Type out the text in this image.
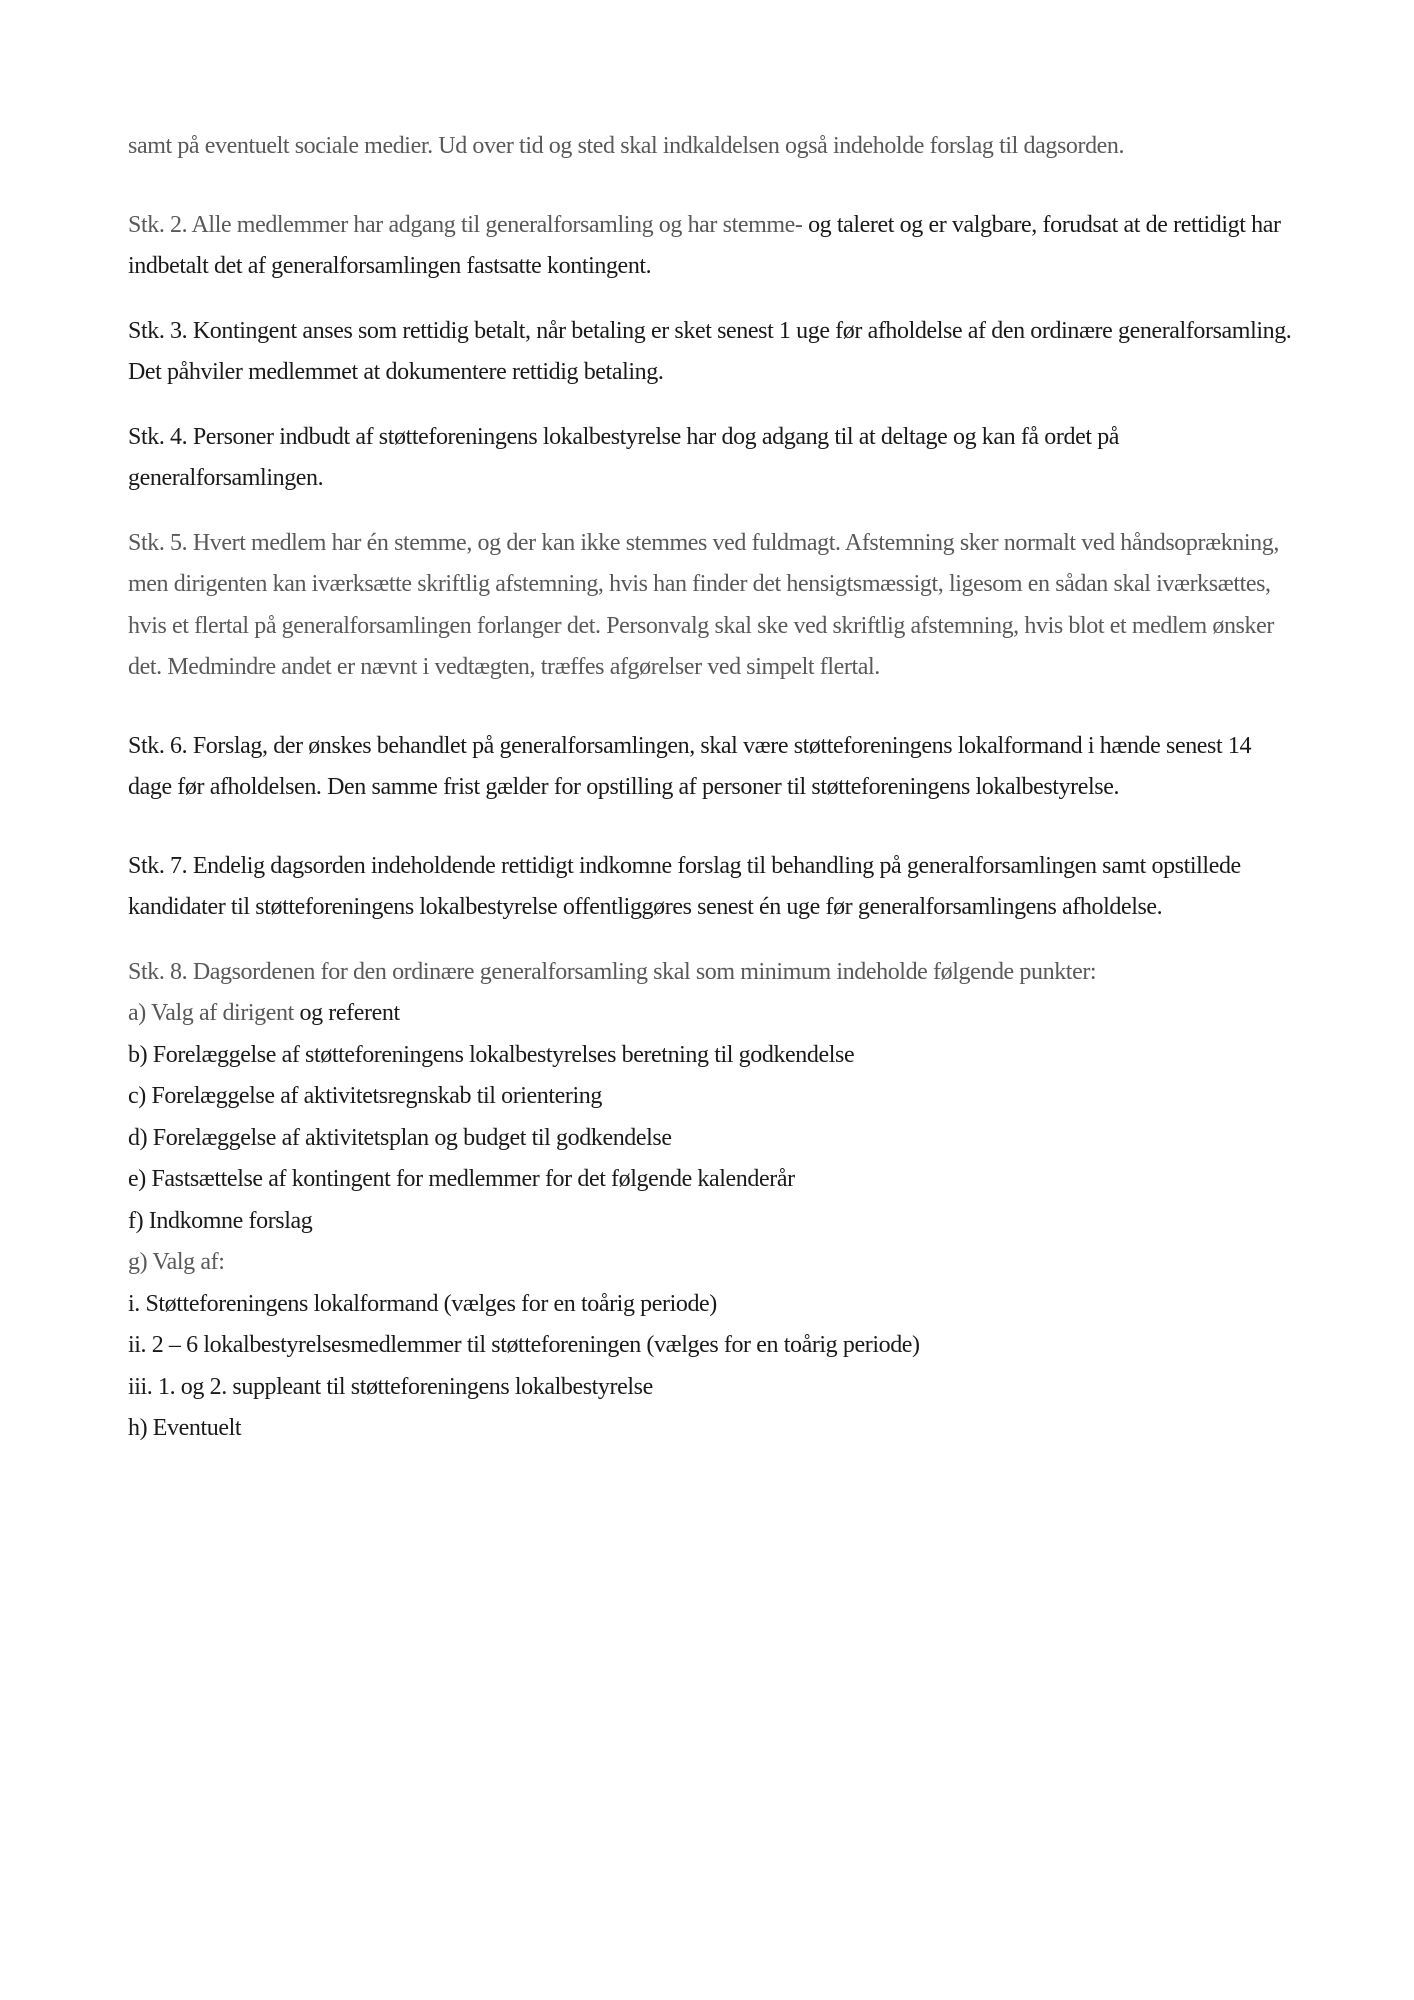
samt på eventuelt sociale medier. Ud over tid og sted skal indkaldelsen også indeholde forslag til dagsorden.

Stk. 2. Alle medlemmer har adgang til generalforsamling og har stemme- og taleret og er valgbare, forudsat at de rettidigt har indbetalt det af generalforsamlingen fastsatte kontingent.

Stk. 3. Kontingent anses som rettidig betalt, når betaling er sket senest 1 uge før afholdelse af den ordinære generalforsamling. Det påhviler medlemmet at dokumentere rettidig betaling.

Stk. 4. Personer indbudt af støtteforeningens lokalbestyrelse har dog adgang til at deltage og kan få ordet på generalforsamlingen.

Stk. 5. Hvert medlem har én stemme, og der kan ikke stemmes ved fuldmagt. Afstemning sker normalt ved håndsoprækning, men dirigenten kan iværksætte skriftlig afstemning, hvis han finder det hensigtsmæssigt, ligesom en sådan skal iværksættes, hvis et flertal på generalforsamlingen forlanger det. Personvalg skal ske ved skriftlig afstemning, hvis blot et medlem ønsker det. Medmindre andet er nævnt i vedtægten, træffes afgørelser ved simpelt flertal.

Stk. 6. Forslag, der ønskes behandlet på generalforsamlingen, skal være støtteforeningens lokalformand i hænde senest 14 dage før afholdelsen. Den samme frist gælder for opstilling af personer til støtteforeningens lokalbestyrelse.

Stk. 7. Endelig dagsorden indeholdende rettidigt indkomne forslag til behandling på generalforsamlingen samt opstillede kandidater til støtteforeningens lokalbestyrelse offentliggøres senest én uge før generalforsamlingens afholdelse.

Stk. 8. Dagsordenen for den ordinære generalforsamling skal som minimum indeholde følgende punkter:

a) Valg af dirigent og referent

b) Forelæggelse af støtteforeningens lokalbestyrelses beretning til godkendelse

c) Forelæggelse af aktivitetsregnskab til orientering

d) Forelæggelse af aktivitetsplan og budget til godkendelse

e) Fastsættelse af kontingent for medlemmer for det følgende kalenderår

f) Indkomne forslag

g) Valg af:

i. Støtteforeningens lokalformand (vælges for en toårig periode)

ii. 2 – 6 lokalbestyrelsesmedlemmer til støtteforeningen (vælges for en toårig periode)

iii. 1. og 2. suppleant til støtteforeningens lokalbestyrelse

h) Eventuelt
